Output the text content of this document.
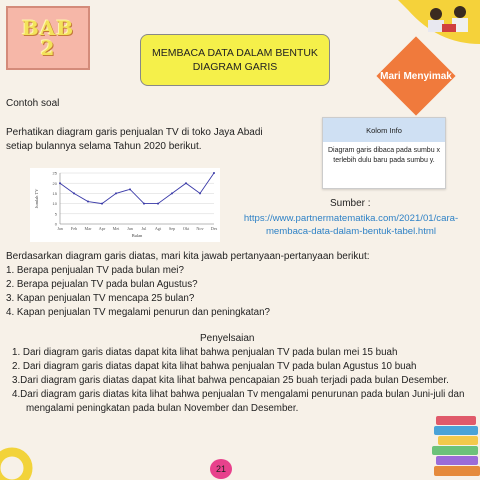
BAB
2	MEMBACA DATA DALAM BENTUK DIAGRAM GARIS
Mari Menyimak
Contoh soal
Perhatikan diagram garis penjualan TV di toko Jaya Abadi setiap bulannya selama Tahun 2020 berikut.
Kolom Info
Diagram garis dibaca pada sumbu x terlebih dulu baru pada sumbu y.
0
5
10
15
20
25
Jan Feb Mar Apr Mei Jun Jul Agt Sep Okt Nov Des
Bulan
Jumlah TV	Sumber :
https://www.partnermatematika.com/2021/01/cara-membaca-data-dalam-bentuk-tabel.html
Berdasarkan diagram garis diatas, mari kita jawab pertanyaan-pertanyaan berikut:
1. Berapa penjualan TV pada bulan mei?
2. Berapa pejualan TV pada bulan Agustus?
3. Kapan penjualan TV mencapa 25 bulan?
4. Kapan penjualan TV megalami penurun dan peningkatan?
Penyelsaian
1. Dari diagram garis diatas dapat kita lihat bahwa penjualan TV pada bulan mei 15 buah
2. Dari diagram garis diatas dapat kita lihat bahwa penjualan TV pada bulan Agustus 10 buah
3.Dari diagram garis diatas dapat kita lihat bahwa pencapaian 25 buah terjadi pada bulan Desember.
4.Dari diagram garis diatas kita lihat bahwa penjualan Tv mengalami penurunan pada bulan Juni-juli dan mengalami peningkatan pada bulan November dan Desember.
21
